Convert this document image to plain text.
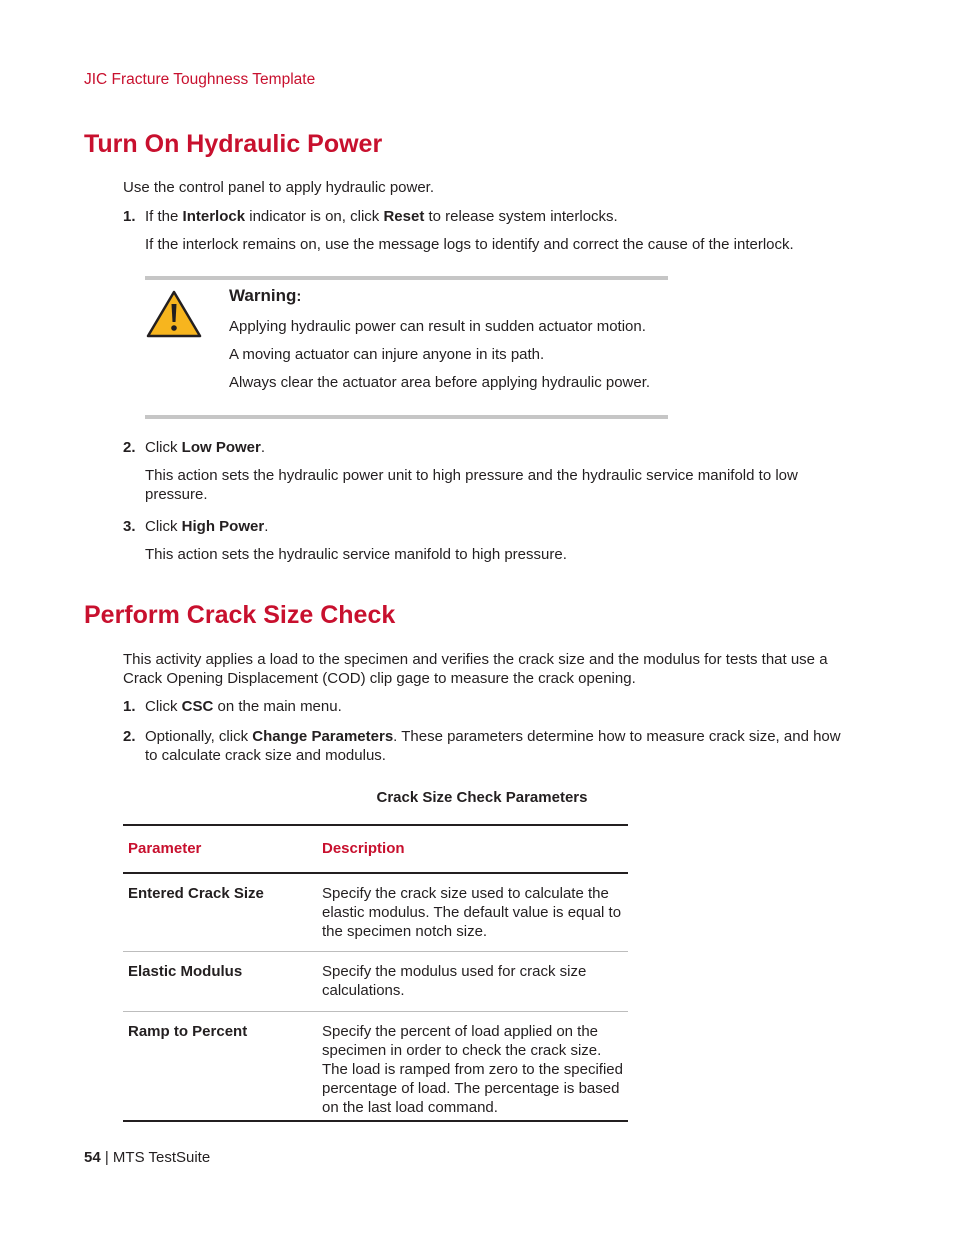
JIC Fracture Toughness Template
Turn On Hydraulic Power
Use the control panel to apply hydraulic power.
1. If the Interlock indicator is on, click Reset to release system interlocks.
If the interlock remains on, use the message logs to identify and correct the cause of the interlock.
Warning:
Applying hydraulic power can result in sudden actuator motion.
A moving actuator can injure anyone in its path.
Always clear the actuator area before applying hydraulic power.
2. Click Low Power.
This action sets the hydraulic power unit to high pressure and the hydraulic service manifold to low pressure.
3. Click High Power.
This action sets the hydraulic service manifold to high pressure.
Perform Crack Size Check
This activity applies a load to the specimen and verifies the crack size and the modulus for tests that use a Crack Opening Displacement (COD) clip gage to measure the crack opening.
1. Click CSC on the main menu.
2. Optionally, click Change Parameters. These parameters determine how to measure crack size, and how to calculate crack size and modulus.
Crack Size Check Parameters
Parameter	Description
Entered Crack Size	Specify the crack size used to calculate the elastic modulus. The default value is equal to the specimen notch size.
Elastic Modulus	Specify the modulus used for crack size calculations.
Ramp to Percent	Specify the percent of load applied on the specimen in order to check the crack size. The load is ramped from zero to the specified percentage of load. The percentage is based on the last load command.
54 | MTS TestSuite
